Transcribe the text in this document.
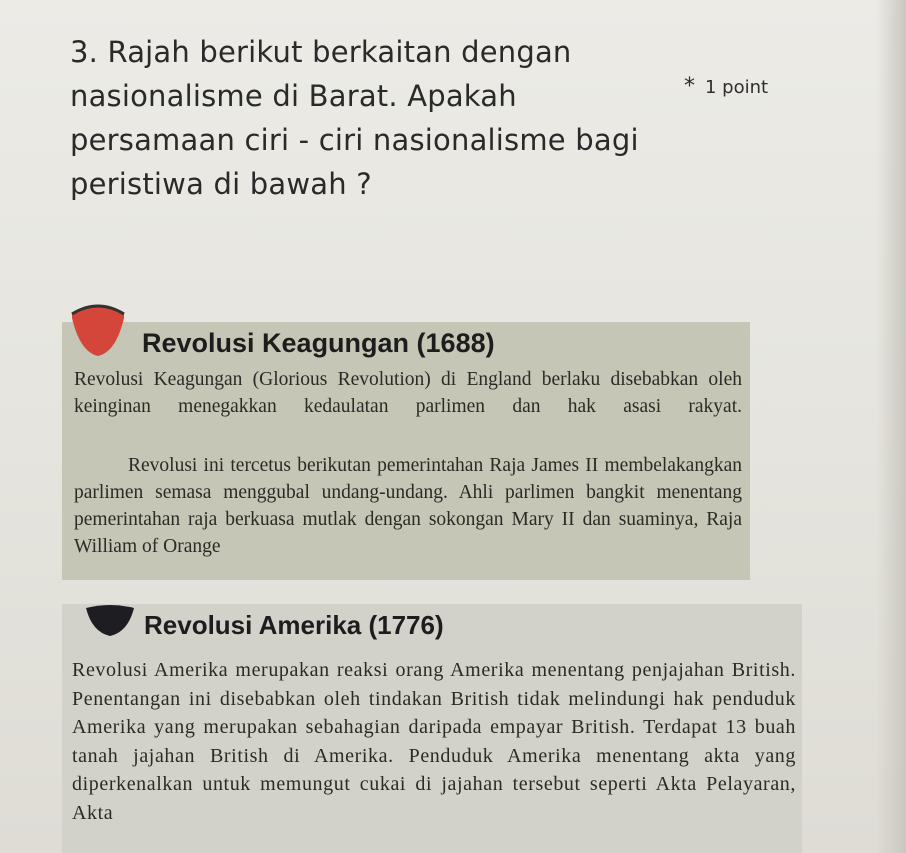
3. Rajah berikut berkaitan dengan nasionalisme di Barat. Apakah persamaan ciri - ciri nasionalisme bagi peristiwa di bawah ?
* 1 point
Revolusi Keagungan (1688)

Revolusi Keagungan (Glorious Revolution) di England berlaku disebabkan oleh keinginan menegakkan kedaulatan parlimen dan hak asasi rakyat.

Revolusi ini tercetus berikutan pemerintahan Raja James II membelakangkan parlimen semasa menggubal undang-undang. Ahli parlimen bangkit menentang pemerintahan raja berkuasa mutlak dengan sokongan Mary II dan suaminya, Raja William of Orange

Revolusi Amerika (1776)

Revolusi Amerika merupakan reaksi orang Amerika menentang penjajahan British. Penentangan ini disebabkan oleh tindakan British tidak melindungi hak penduduk Amerika yang merupakan sebahagian daripada empayar British. Terdapat 13 buah tanah jajahan British di Amerika. Penduduk Amerika menentang akta yang diperkenalkan untuk memungut cukai di jajahan tersebut seperti Akta Pelayaran, Akta
